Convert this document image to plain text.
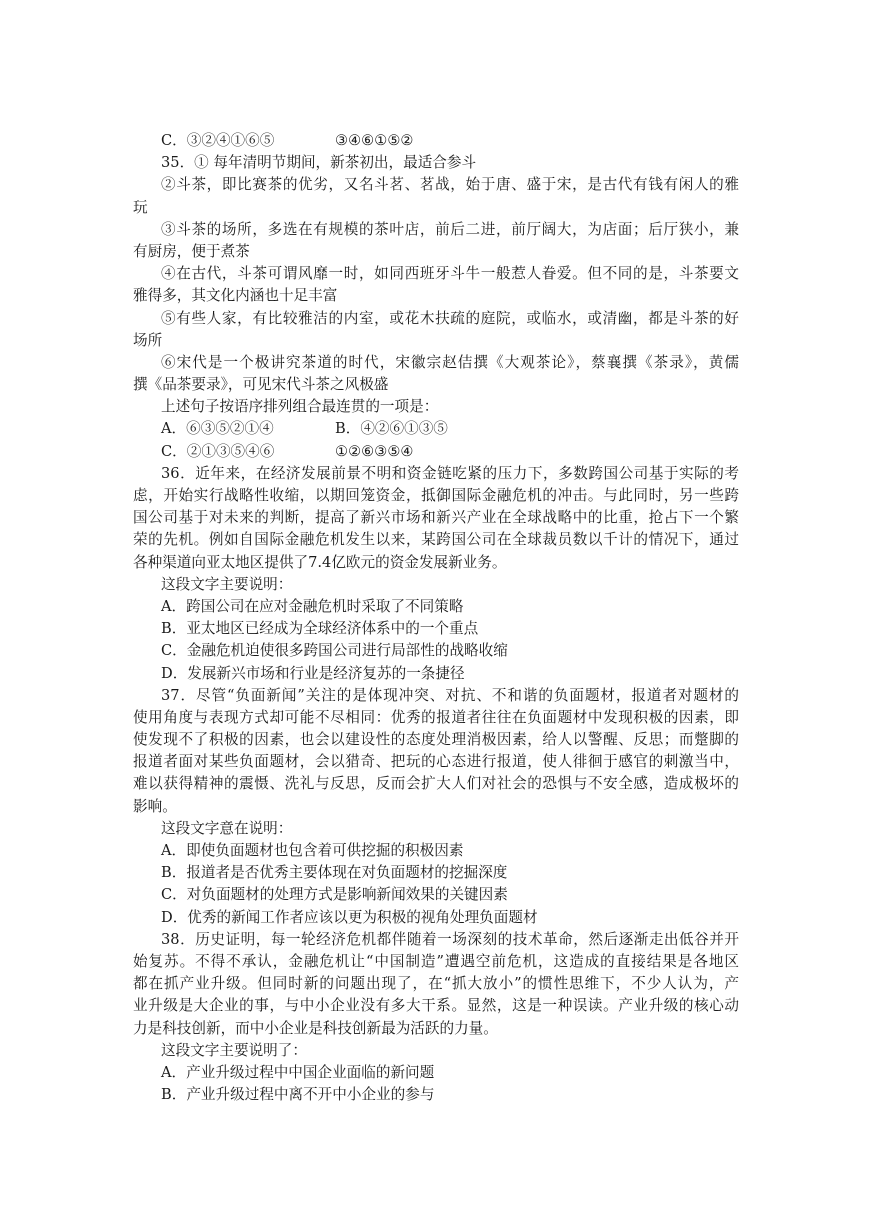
C．③②④①⑥⑤	③④⑥①⑤②
35．① 每年清明节期间，新茶初出，最适合参斗
②斗茶，即比赛茶的优劣，又名斗茗、茗战，始于唐、盛于宋，是古代有钱有闲人的雅
玩
③斗茶的场所，多选在有规模的茶叶店，前后二进，前厅阔大，为店面；后厅狭小，兼
有厨房，便于煮茶
④在古代，斗茶可谓风靡一时，如同西班牙斗牛一般惹人眷爱。但不同的是，斗茶要文
雅得多，其文化内涵也十足丰富
⑤有些人家，有比较雅洁的内室，或花木扶疏的庭院，或临水，或清幽，都是斗茶的好
场所
⑥宋代是一个极讲究茶道的时代，宋徽宗赵佶撰《大观茶论》，蔡襄撰《茶录》，黄儒
撰《品茶要录》，可见宋代斗茶之风极盛
上述句子按语序排列组合最连贯的一项是：
A．⑥③⑤②①④	B．④②⑥①③⑤
C．②①③⑤④⑥	①②⑥③⑤④
36．近年来，在经济发展前景不明和资金链吃紧的压力下，多数跨国公司基于实际的考
虑，开始实行战略性收缩，以期回笼资金，抵御国际金融危机的冲击。与此同时，另一些跨
国公司基于对未来的判断，提高了新兴市场和新兴产业在全球战略中的比重，抢占下一个繁
荣的先机。例如自国际金融危机发生以来，某跨国公司在全球裁员数以千计的情况下，通过
各种渠道向亚太地区提供了7.4亿欧元的资金发展新业务。
这段文字主要说明：
A．跨国公司在应对金融危机时采取了不同策略
B．亚太地区已经成为全球经济体系中的一个重点
C．金融危机迫使很多跨国公司进行局部性的战略收缩
D．发展新兴市场和行业是经济复苏的一条捷径
37．尽管“负面新闻”关注的是体现冲突、对抗、不和谐的负面题材，报道者对题材的
使用角度与表现方式却可能不尽相同：优秀的报道者往往在负面题材中发现积极的因素，即
使发现不了积极的因素，也会以建设性的态度处理消极因素，给人以警醒、反思；而蹩脚的
报道者面对某些负面题材，会以猎奇、把玩的心态进行报道，使人徘徊于感官的刺激当中，
难以获得精神的震慑、洗礼与反思，反而会扩大人们对社会的恐惧与不安全感，造成极坏的
影响。
这段文字意在说明：
A．即使负面题材也包含着可供挖掘的积极因素
B．报道者是否优秀主要体现在对负面题材的挖掘深度
C．对负面题材的处理方式是影响新闻效果的关键因素
D．优秀的新闻工作者应该以更为积极的视角处理负面题材
38．历史证明，每一轮经济危机都伴随着一场深刻的技术革命，然后逐渐走出低谷并开
始复苏。不得不承认，金融危机让“中国制造”遭遇空前危机，这造成的直接结果是各地区
都在抓产业升级。但同时新的问题出现了，在“抓大放小”的惯性思维下，不少人认为，产
业升级是大企业的事，与中小企业没有多大干系。显然，这是一种误读。产业升级的核心动
力是科技创新，而中小企业是科技创新最为活跃的力量。
这段文字主要说明了：
A．产业升级过程中中国企业面临的新问题
B．产业升级过程中离不开中小企业的参与
